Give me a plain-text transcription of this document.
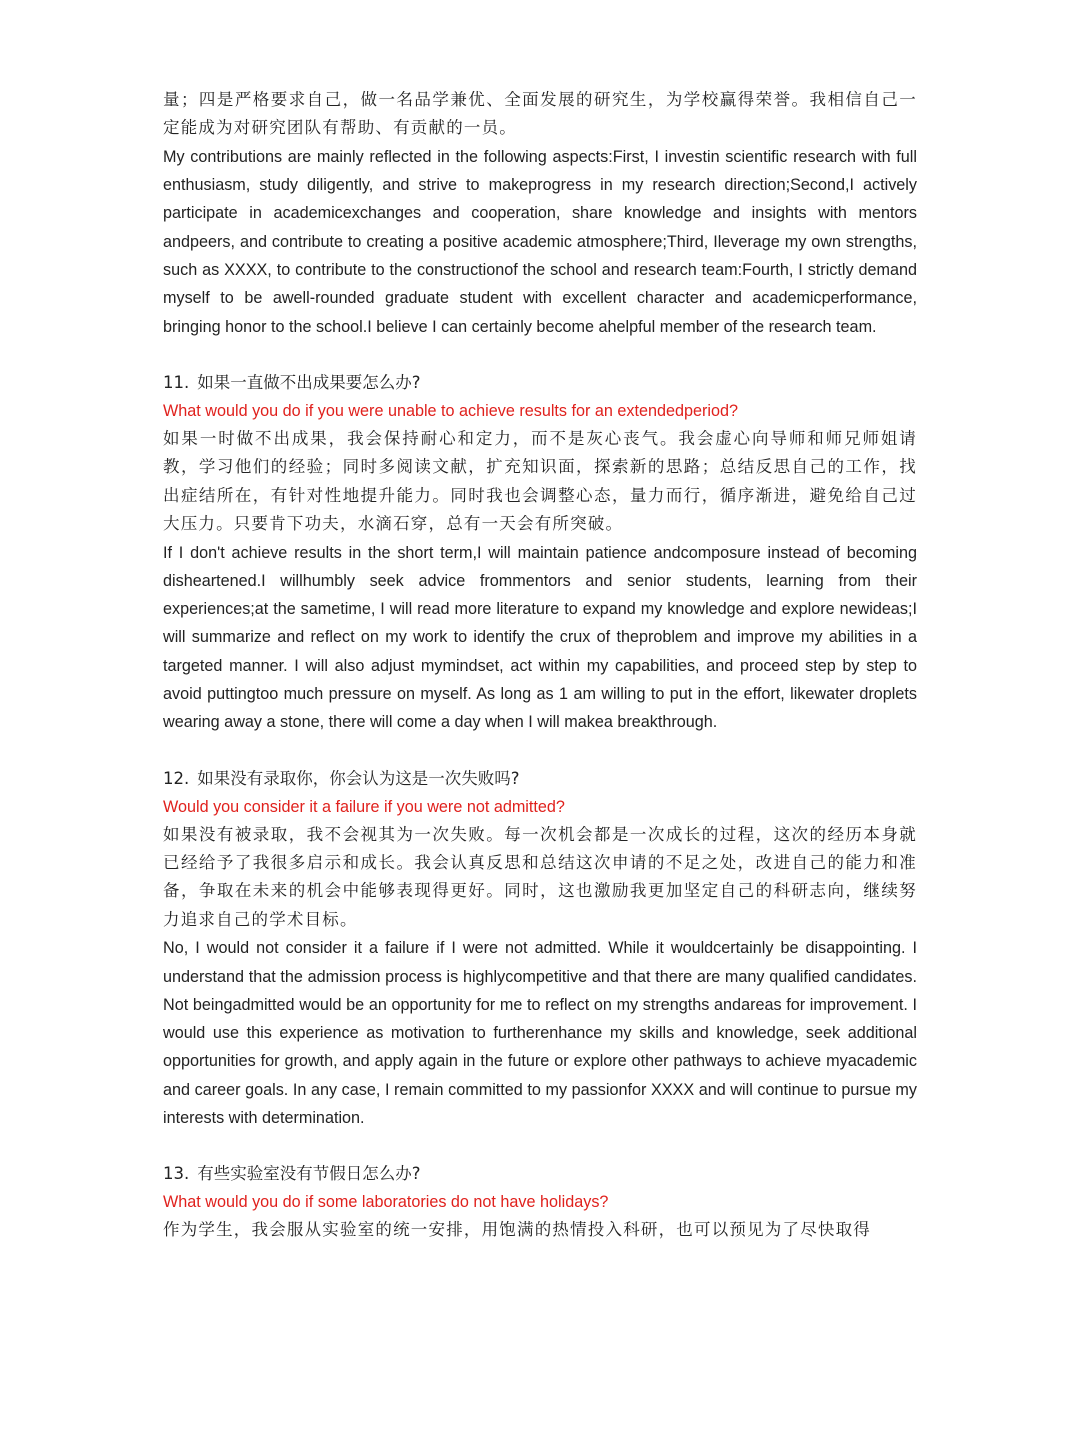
量；四是严格要求自己，做一名品学兼优、全面发展的研究生，为学校赢得荣誉。我相信自己一定能成为对研究团队有帮助、有贡献的一员。

My contributions are mainly reflected in the following aspects:First, I investin scientific research with full enthusiasm, study diligently, and strive to makeprogress in my research direction;Second,I actively participate in academicexchanges and cooperation, share knowledge and insights with mentors andpeers, and contribute to creating a positive academic atmosphere;Third, Ileverage my own strengths, such as XXXX, to contribute to the constructionof the school and research team:Fourth, I strictly demand myself to be awell-rounded graduate student with excellent character and academicperformance, bringing honor to the school.I believe I can certainly become ahelpful member of the research team.

11. 如果一直做不出成果要怎么办?

What would you do if you were unable to achieve results for an extendedperiod?

如果一时做不出成果，我会保持耐心和定力，而不是灰心丧气。我会虚心向导师和师兄师姐请教，学习他们的经验；同时多阅读文献，扩充知识面，探索新的思路；总结反思自己的工作，找出症结所在，有针对性地提升能力。同时我也会调整心态，量力而行，循序渐进，避免给自己过大压力。只要肯下功夫，水滴石穿，总有一天会有所突破。

If I don't achieve results in the short term,I will maintain patience andcomposure instead of becoming disheartened.I willhumbly seek advice frommentors and senior students, learning from their experiences;at the sametime, I will read more literature to expand my knowledge and explore newideas;I will summarize and reflect on my work to identify the crux of theproblem and improve my abilities in a targeted manner. I will also adjust mymindset, act within my capabilities, and proceed step by step to avoid puttingtoo much pressure on myself. As long as 1 am willing to put in the effort, likewater droplets wearing away a stone, there will come a day when I will makea breakthrough.

12. 如果没有录取你，你会认为这是一次失败吗?

Would you consider it a failure if you were not admitted?

如果没有被录取，我不会视其为一次失败。每一次机会都是一次成长的过程，这次的经历本身就已经给予了我很多启示和成长。我会认真反思和总结这次申请的不足之处，改进自己的能力和准备，争取在未来的机会中能够表现得更好。同时，这也激励我更加坚定自己的科研志向，继续努力追求自己的学术目标。

No, I would not consider it a failure if I were not admitted. While it wouldcertainly be disappointing. I understand that the admission process is highlycompetitive and that there are many qualified candidates. Not beingadmitted would be an opportunity for me to reflect on my strengths andareas for improvement. I would use this experience as motivation to furtherenhance my skills and knowledge, seek additional opportunities for growth, and apply again in the future or explore other pathways to achieve myacademic and career goals. In any case, I remain committed to my passionfor XXXX and will continue to pursue my interests with determination.

13. 有些实验室没有节假日怎么办?

What would you do if some laboratories do not have holidays?

作为学生，我会服从实验室的统一安排，用饱满的热情投入科研，也可以预见为了尽快取得
